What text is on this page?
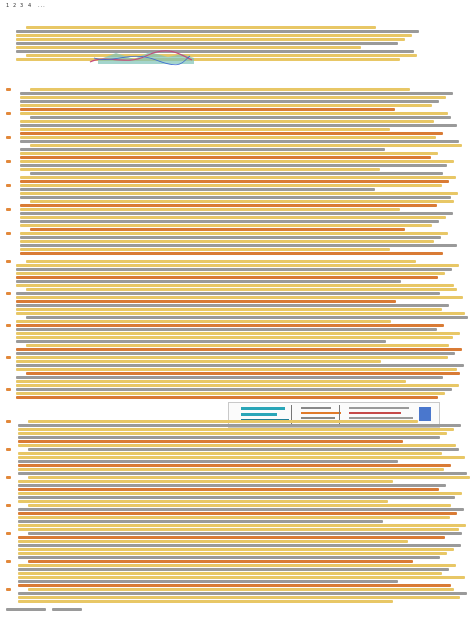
1 2 3 4 ...
